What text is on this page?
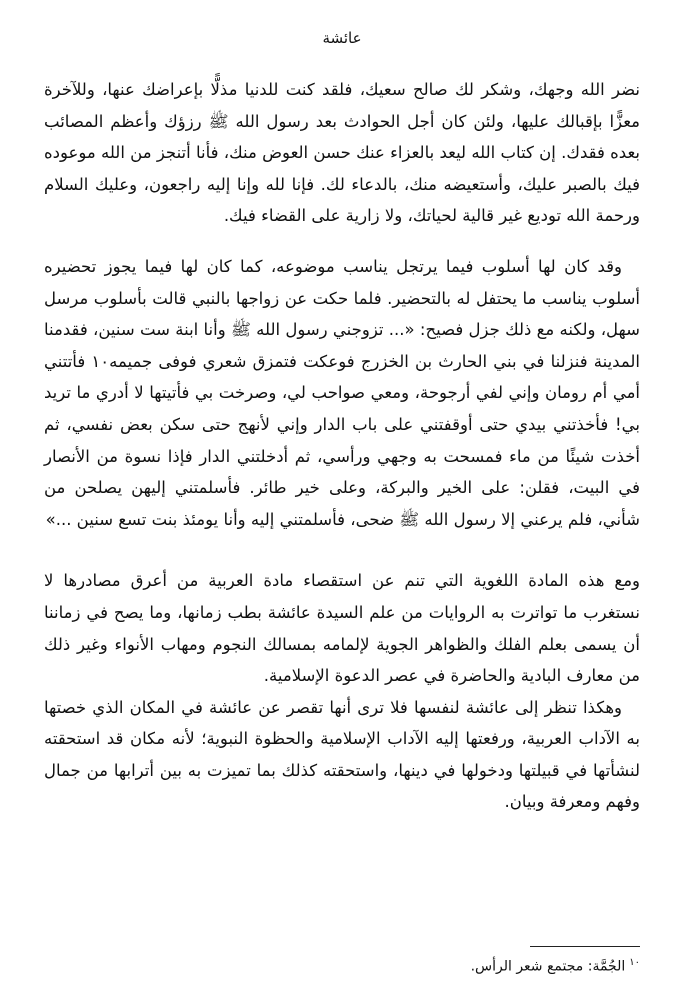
عائشة

نضر الله وجهك، وشكر لك صالح سعيك، فلقد كنت للدنيا مذلًّا بإعراضك عنها، وللآخرة معزًّا بإقبالك عليها، ولئن كان أجل الحوادث بعد رسول الله ﷺ رزؤك وأعظم المصائب بعده فقدك. إن كتاب الله ليعد بالعزاء عنك حسن العوض منك، فأنا أتنجز من الله موعوده فيك بالصبر عليك، وأستعيضه منك، بالدعاء لك. فإنا لله وإنا إليه راجعون، وعليك السلام ورحمة الله توديع غير قالية لحياتك، ولا زارية على القضاء فيك.

وقد كان لها أسلوب فيما يرتجل يناسب موضوعه، كما كان لها فيما يجوز تحضيره أسلوب يناسب ما يحتفل له بالتحضير. فلما حكت عن زواجها بالنبي قالت بأسلوب مرسل سهل، ولكنه مع ذلك جزل فصيح: «... تزوجني رسول الله ﷺ وأنا ابنة ست سنين، فقدمنا المدينة فنزلنا في بني الحارث بن الخزرج فوعكت فتمزق شعري فوفى جميمه١٠ فأتتني أمي أم رومان وإني لفي أرجوحة، ومعي صواحب لي، وصرخت بي فأتيتها لا أدري ما تريد بي! فأخذتني بيدي حتى أوقفتني على باب الدار وإني لأنهج حتى سكن بعض نفسي، ثم أخذت شيئًا من ماء فمسحت به وجهي ورأسي، ثم أدخلتني الدار فإذا نسوة من الأنصار في البيت، فقلن: على الخير والبركة، وعلى خير طائر. فأسلمتني إليهن يصلحن من شأني، فلم يرعني إلا رسول الله ﷺ ضحى، فأسلمتني إليه وأنا يومئذ بنت تسع سنين ...»

ومع هذه المادة اللغوية التي تنم عن استقصاء مادة العربية من أعرق مصادرها لا نستغرب ما تواترت به الروايات من علم السيدة عائشة بطب زمانها، وما يصح في زماننا أن يسمى بعلم الفلك والظواهر الجوية لإلمامه بمسالك النجوم ومهاب الأنواء وغير ذلك من معارف البادية والحاضرة في عصر الدعوة الإسلامية.

وهكذا تنظر إلى عائشة لنفسها فلا ترى أنها تقصر عن عائشة في المكان الذي خصتها به الآداب العربية، ورفعتها إليه الآداب الإسلامية والحظوة النبوية؛ لأنه مكان قد استحقته لنشأتها في قبيلتها ودخولها في دينها، واستحقته كذلك بما تميزت به بين أترابها من جمال وفهم ومعرفة وبيان.

$^{١٠}$الجُمَّة: مجتمع شعر الرأس.
